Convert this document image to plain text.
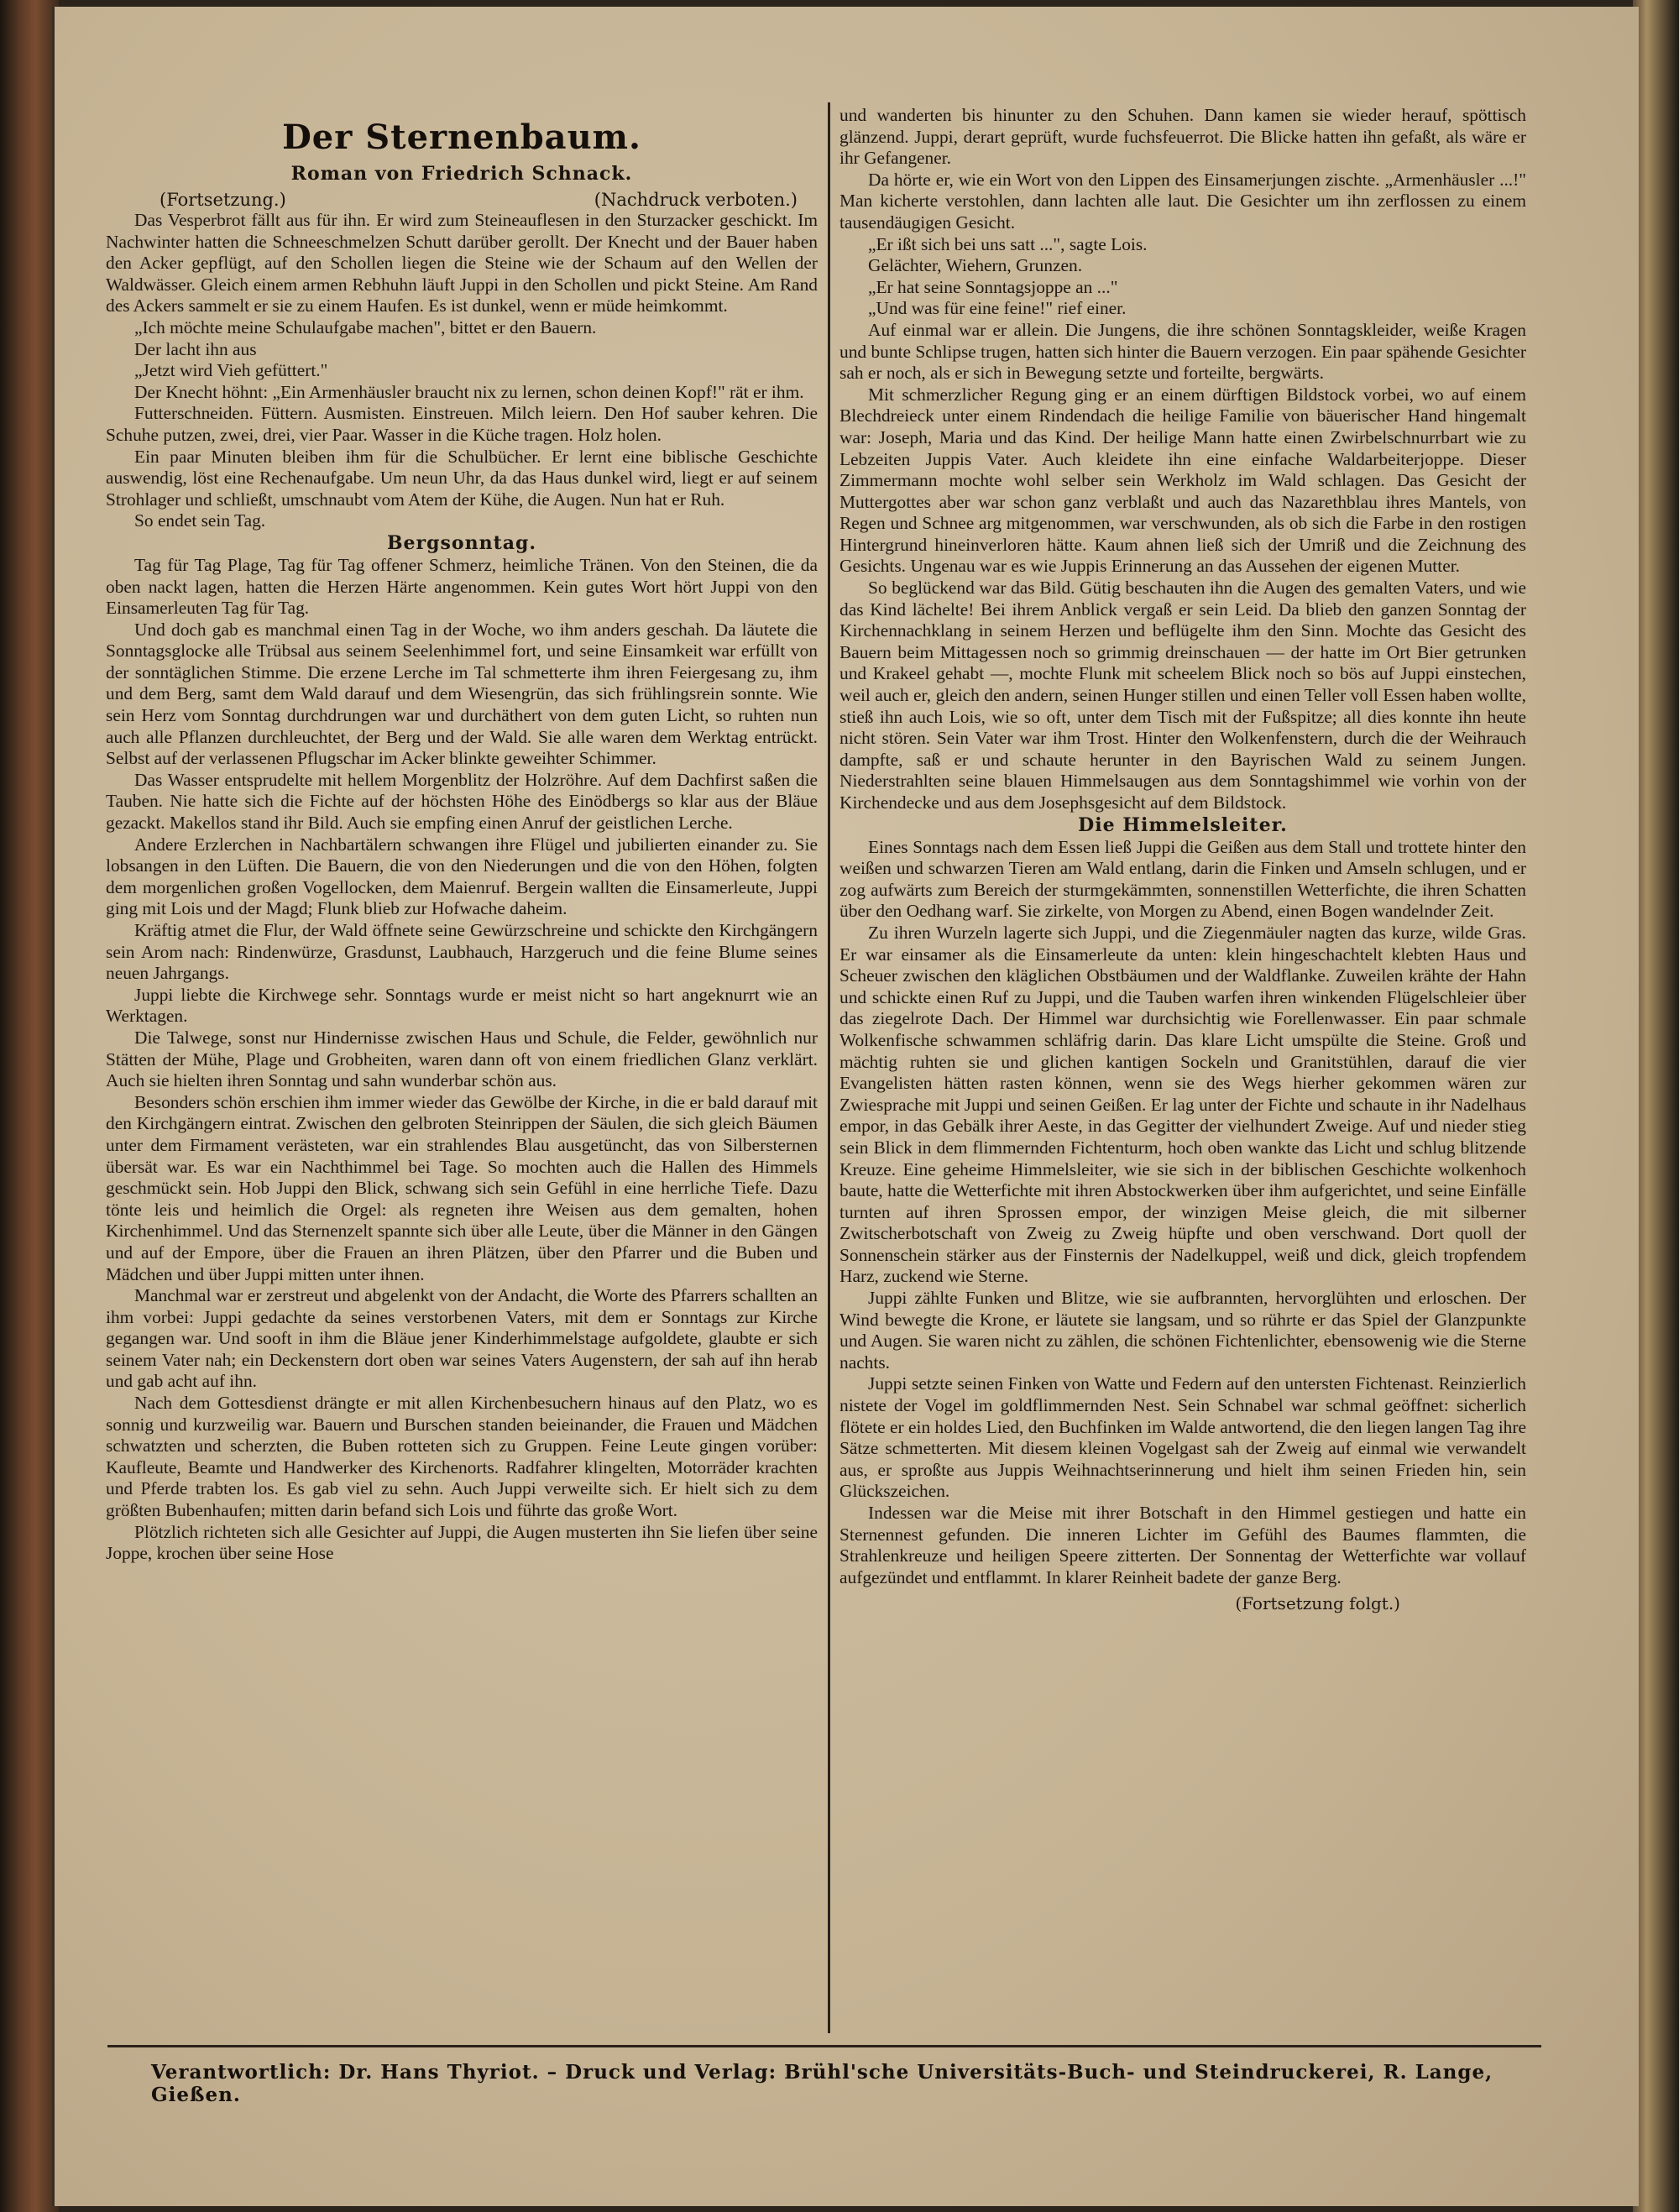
Der Sternenbaum.
Roman von Friedrich Schnack.
(Fortsetzung.)	(Nachdruck verboten.)

Das Vesperbrot fällt aus für ihn. Er wird zum Steineauflesen in den Sturzacker geschickt. Im Nachwinter hatten die Schneeschmelzen Schutt darüber gerollt. Der Knecht und der Bauer haben den Acker gepflügt, auf den Schollen liegen die Steine wie der Schaum auf den Wellen der Waldwässer. Gleich einem armen Rebhuhn läuft Juppi in den Schollen und pickt Steine. Am Rand des Ackers sammelt er sie zu einem Haufen. Es ist dunkel, wenn er müde heimkommt.

„Ich möchte meine Schulaufgabe machen", bittet er den Bauern.

Der lacht ihn aus

„Jetzt wird Vieh gefüttert."

Der Knecht höhnt: „Ein Armenhäusler braucht nix zu lernen, schon deinen Kopf!" rät er ihm.

Futterschneiden. Füttern. Ausmisten. Einstreuen. Milch leiern. Den Hof sauber kehren. Die Schuhe putzen, zwei, drei, vier Paar. Wasser in die Küche tragen. Holz holen.

Ein paar Minuten bleiben ihm für die Schulbücher. Er lernt eine biblische Geschichte auswendig, löst eine Rechenaufgabe. Um neun Uhr, da das Haus dunkel wird, liegt er auf seinem Strohlager und schließt, umschnaubt vom Atem der Kühe, die Augen. Nun hat er Ruh.

So endet sein Tag.

Bergsonntag.

Tag für Tag Plage, Tag für Tag offener Schmerz, heimliche Tränen. Von den Steinen, die da oben nackt lagen, hatten die Herzen Härte angenommen. Kein gutes Wort hört Juppi von den Einsamerleuten Tag für Tag.

Und doch gab es manchmal einen Tag in der Woche, wo ihm anders geschah. Da läutete die Sonntagsglocke alle Trübsal aus seinem Seelenhimmel fort, und seine Einsamkeit war erfüllt von der sonntäglichen Stimme. Die erzene Lerche im Tal schmetterte ihm ihren Feiergesang zu, ihm und dem Berg, samt dem Wald darauf und dem Wiesengrün, das sich frühlingsrein sonnte. Wie sein Herz vom Sonntag durchdrungen war und durchäthert von dem guten Licht, so ruhten nun auch alle Pflanzen durchleuchtet, der Berg und der Wald. Sie alle waren dem Werktag entrückt. Selbst auf der verlassenen Pflugschar im Acker blinkte geweihter Schimmer.

Das Wasser entsprudelte mit hellem Morgenblitz der Holzröhre. Auf dem Dachfirst saßen die Tauben. Nie hatte sich die Fichte auf der höchsten Höhe des Einödbergs so klar aus der Bläue gezackt. Makellos stand ihr Bild. Auch sie empfing einen Anruf der geistlichen Lerche.

Andere Erzlerchen in Nachbartälern schwangen ihre Flügel und jubilierten einander zu. Sie lobsangen in den Lüften. Die Bauern, die von den Niederungen und die von den Höhen, folgten dem morgenlichen großen Vogellocken, dem Maienruf. Bergein wallten die Einsamerleute, Juppi ging mit Lois und der Magd; Flunk blieb zur Hofwache daheim.

Kräftig atmet die Flur, der Wald öffnete seine Gewürzschreine und schickte den Kirchgängern sein Arom nach: Rindenwürze, Grasdunst, Laubhauch, Harzgeruch und die feine Blume seines neuen Jahrgangs.

Juppi liebte die Kirchwege sehr. Sonntags wurde er meist nicht so hart angeknurrt wie an Werktagen.

Die Talwege, sonst nur Hindernisse zwischen Haus und Schule, die Felder, gewöhnlich nur Stätten der Mühe, Plage und Grobheiten, waren dann oft von einem friedlichen Glanz verklärt. Auch sie hielten ihren Sonntag und sahn wunderbar schön aus.

Besonders schön erschien ihm immer wieder das Gewölbe der Kirche, in die er bald darauf mit den Kirchgängern eintrat. Zwischen den gelbroten Steinrippen der Säulen, die sich gleich Bäumen unter dem Firmament verästeten, war ein strahlendes Blau ausgetüncht, das von Silbersternen übersät war. Es war ein Nachthimmel bei Tage. So mochten auch die Hallen des Himmels geschmückt sein. Hob Juppi den Blick, schwang sich sein Gefühl in eine herrliche Tiefe. Dazu tönte leis und heimlich die Orgel: als regneten ihre Weisen aus dem gemalten, hohen Kirchenhimmel. Und das Sternenzelt spannte sich über alle Leute, über die Männer in den Gängen und auf der Empore, über die Frauen an ihren Plätzen, über den Pfarrer und die Buben und Mädchen und über Juppi mitten unter ihnen.

Manchmal war er zerstreut und abgelenkt von der Andacht, die Worte des Pfarrers schallten an ihm vorbei: Juppi gedachte da seines verstorbenen Vaters, mit dem er Sonntags zur Kirche gegangen war. Und sooft in ihm die Bläue jener Kinderhimmelstage aufgoldete, glaubte er sich seinem Vater nah; ein Deckenstern dort oben war seines Vaters Augenstern, der sah auf ihn herab und gab acht auf ihn.

Nach dem Gottesdienst drängte er mit allen Kirchenbesuchern hinaus auf den Platz, wo es sonnig und kurzweilig war. Bauern und Burschen standen beieinander, die Frauen und Mädchen schwatzten und scherzten, die Buben rotteten sich zu Gruppen. Feine Leute gingen vorüber: Kaufleute, Beamte und Handwerker des Kirchenorts. Radfahrer klingelten, Motorräder krachten und Pferde trabten los. Es gab viel zu sehn. Auch Juppi verweilte sich. Er hielt sich zu dem größten Bubenhaufen; mitten darin befand sich Lois und führte das große Wort.

Plötzlich richteten sich alle Gesichter auf Juppi, die Augen musterten ihn Sie liefen über seine Joppe, krochen über seine Hose

und wanderten bis hinunter zu den Schuhen. Dann kamen sie wieder herauf, spöttisch glänzend. Juppi, derart geprüft, wurde fuchsfeuerrot. Die Blicke hatten ihn gefaßt, als wäre er ihr Gefangener.

Da hörte er, wie ein Wort von den Lippen des Einsamerjungen zischte. „Armenhäusler ...!" Man kicherte verstohlen, dann lachten alle laut. Die Gesichter um ihn zerflossen zu einem tausendäugigen Gesicht.

„Er ißt sich bei uns satt ...", sagte Lois.

Gelächter, Wiehern, Grunzen.

„Er hat seine Sonntagsjoppe an ..."

„Und was für eine feine!" rief einer.

Auf einmal war er allein. Die Jungens, die ihre schönen Sonntagskleider, weiße Kragen und bunte Schlipse trugen, hatten sich hinter die Bauern verzogen. Ein paar spähende Gesichter sah er noch, als er sich in Bewegung setzte und forteilte, bergwärts.

Mit schmerzlicher Regung ging er an einem dürftigen Bildstock vorbei, wo auf einem Blechdreieck unter einem Rindendach die heilige Familie von bäuerischer Hand hingemalt war: Joseph, Maria und das Kind. Der heilige Mann hatte einen Zwirbelschnurrbart wie zu Lebzeiten Juppis Vater. Auch kleidete ihn eine einfache Waldarbeiterjoppe. Dieser Zimmermann mochte wohl selber sein Werkholz im Wald schlagen. Das Gesicht der Muttergottes aber war schon ganz verblaßt und auch das Nazarethblau ihres Mantels, von Regen und Schnee arg mitgenommen, war verschwunden, als ob sich die Farbe in den rostigen Hintergrund hineinverloren hätte. Kaum ahnen ließ sich der Umriß und die Zeichnung des Gesichts. Ungenau war es wie Juppis Erinnerung an das Aussehen der eigenen Mutter.

So beglückend war das Bild. Gütig beschauten ihn die Augen des gemalten Vaters, und wie das Kind lächelte! Bei ihrem Anblick vergaß er sein Leid. Da blieb den ganzen Sonntag der Kirchennachklang in seinem Herzen und beflügelte ihm den Sinn. Mochte das Gesicht des Bauern beim Mittagessen noch so grimmig dreinschauen — der hatte im Ort Bier getrunken und Krakeel gehabt —, mochte Flunk mit scheelem Blick noch so bös auf Juppi einstechen, weil auch er, gleich den andern, seinen Hunger stillen und einen Teller voll Essen haben wollte, stieß ihn auch Lois, wie so oft, unter dem Tisch mit der Fußspitze; all dies konnte ihn heute nicht stören. Sein Vater war ihm Trost. Hinter den Wolkenfenstern, durch die der Weihrauch dampfte, saß er und schaute herunter in den Bayrischen Wald zu seinem Jungen. Niederstrahlten seine blauen Himmelsaugen aus dem Sonntagshimmel wie vorhin von der Kirchendecke und aus dem Josephsgesicht auf dem Bildstock.

Die Himmelsleiter.

Eines Sonntags nach dem Essen ließ Juppi die Geißen aus dem Stall und trottete hinter den weißen und schwarzen Tieren am Wald entlang, darin die Finken und Amseln schlugen, und er zog aufwärts zum Bereich der sturmgekämmten, sonnenstillen Wetterfichte, die ihren Schatten über den Oedhang warf. Sie zirkelte, von Morgen zu Abend, einen Bogen wandelnder Zeit.

Zu ihren Wurzeln lagerte sich Juppi, und die Ziegenmäuler nagten das kurze, wilde Gras. Er war einsamer als die Einsamerleute da unten: klein hingeschachtelt klebten Haus und Scheuer zwischen den kläglichen Obstbäumen und der Waldflanke. Zuweilen krähte der Hahn und schickte einen Ruf zu Juppi, und die Tauben warfen ihren winkenden Flügelschleier über das ziegelrote Dach. Der Himmel war durchsichtig wie Forellenwasser. Ein paar schmale Wolkenfische schwammen schläfrig darin. Das klare Licht umspülte die Steine. Groß und mächtig ruhten sie und glichen kantigen Sockeln und Granitstühlen, darauf die vier Evangelisten hätten rasten können, wenn sie des Wegs hierher gekommen wären zur Zwiesprache mit Juppi und seinen Geißen. Er lag unter der Fichte und schaute in ihr Nadelhaus empor, in das Gebälk ihrer Aeste, in das Gegitter der vielhundert Zweige. Auf und nieder stieg sein Blick in dem flimmernden Fichtenturm, hoch oben wankte das Licht und schlug blitzende Kreuze. Eine geheime Himmelsleiter, wie sie sich in der biblischen Geschichte wolkenhoch baute, hatte die Wetterfichte mit ihren Abstockwerken über ihm aufgerichtet, und seine Einfälle turnten auf ihren Sprossen empor, der winzigen Meise gleich, die mit silberner Zwitscherbotschaft von Zweig zu Zweig hüpfte und oben verschwand. Dort quoll der Sonnenschein stärker aus der Finsternis der Nadelkuppel, weiß und dick, gleich tropfendem Harz, zuckend wie Sterne.

Juppi zählte Funken und Blitze, wie sie aufbrannten, hervorglühten und erloschen. Der Wind bewegte die Krone, er läutete sie langsam, und so rührte er das Spiel der Glanzpunkte und Augen. Sie waren nicht zu zählen, die schönen Fichtenlichter, ebensowenig wie die Sterne nachts.

Juppi setzte seinen Finken von Watte und Federn auf den untersten Fichtenast. Reinzierlich nistete der Vogel im goldflimmernden Nest. Sein Schnabel war schmal geöffnet: sicherlich flötete er ein holdes Lied, den Buchfinken im Walde antwortend, die den liegen langen Tag ihre Sätze schmetterten. Mit diesem kleinen Vogelgast sah der Zweig auf einmal wie verwandelt aus, er sproßte aus Juppis Weihnachtserinnerung und hielt ihm seinen Frieden hin, sein Glückszeichen.

Indessen war die Meise mit ihrer Botschaft in den Himmel gestiegen und hatte ein Sternennest gefunden. Die inneren Lichter im Gefühl des Baumes flammten, die Strahlenkreuze und heiligen Speere zitterten. Der Sonnentag der Wetterfichte war vollauf aufgezündet und entflammt. In klarer Reinheit badete der ganze Berg.

(Fortsetzung folgt.)
Verantwortlich: Dr. Hans Thyriot. – Druck und Verlag: Brühl'sche Universitäts-Buch- und Steindruckerei, R. Lange, Gießen.
